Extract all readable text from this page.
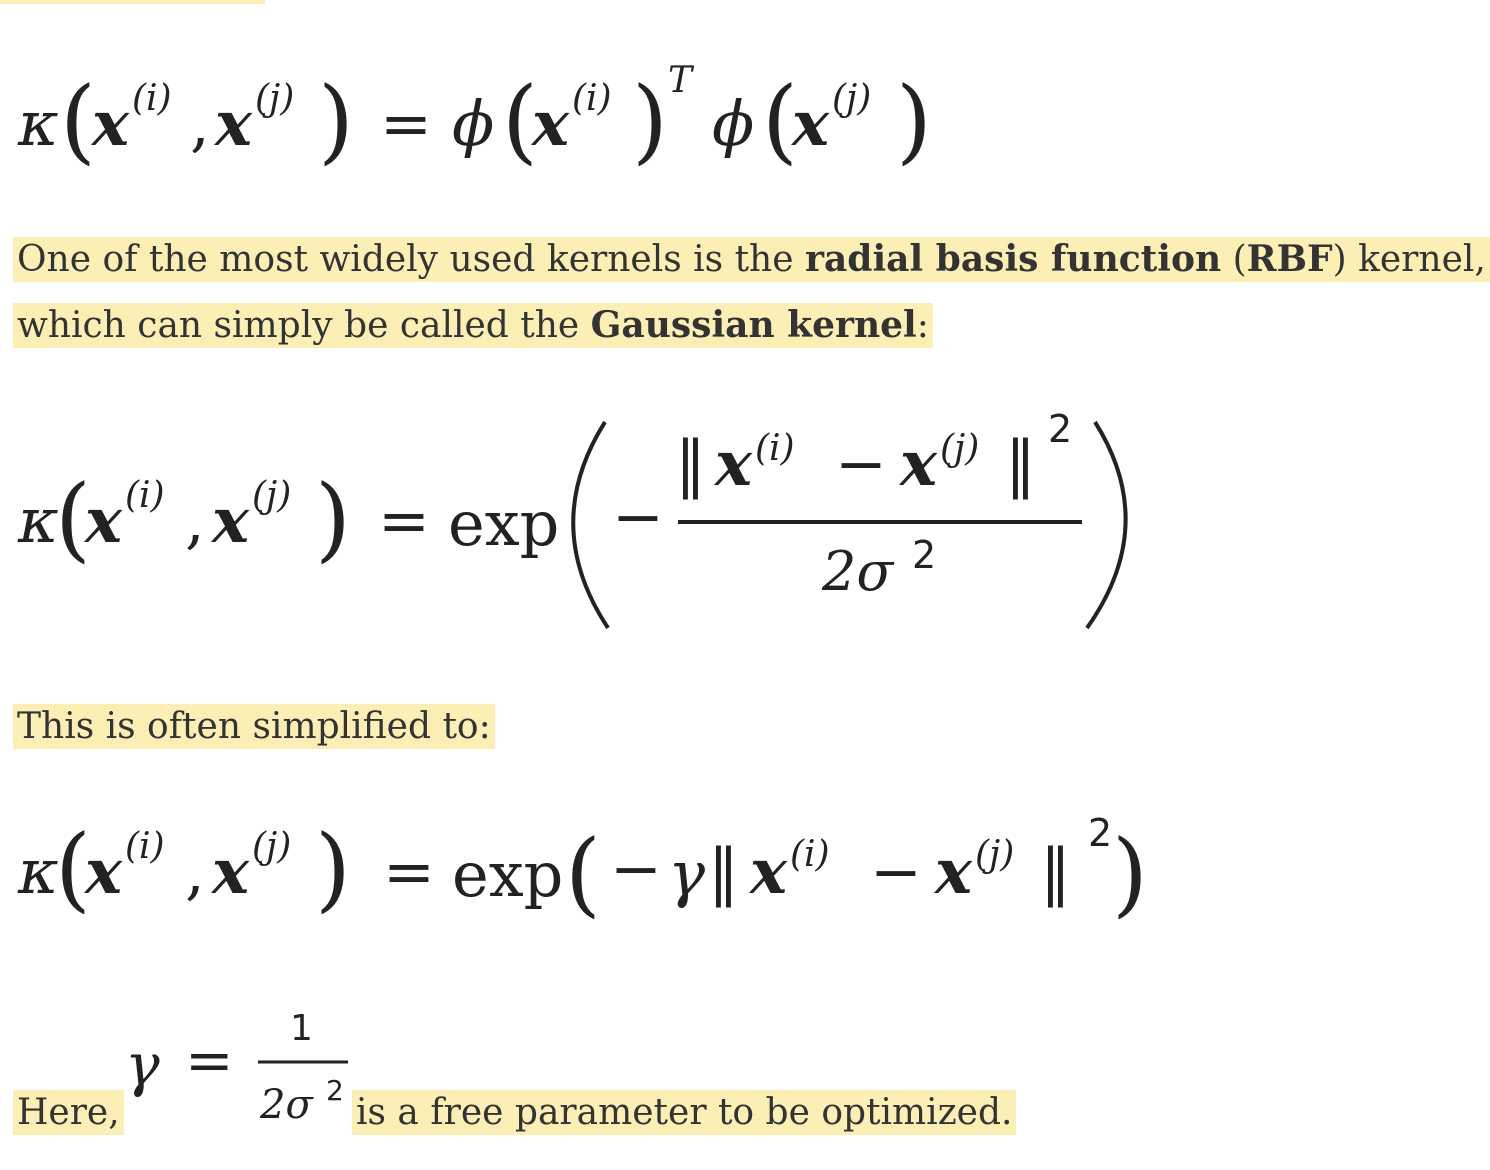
κ (
x (i) , x (j) ) = ϕ (
x (i) ) T
ϕ (
x (j) )
κ
(
x (i) , x (j) ) = exp −
‖ x (i) − x (j) ‖ 2
2σ 2
κ
(
x (i) , x (j) ) = exp ( − γ ‖ x (i) − x (j) ‖
2 )
γ = 1
2σ 2
One of the most widely used kernels is the radial basis function (RBF) kernel,
which can simply be called the Gaussian kernel:
This is often simplified to:
Here,	is a free parameter to be optimized.
